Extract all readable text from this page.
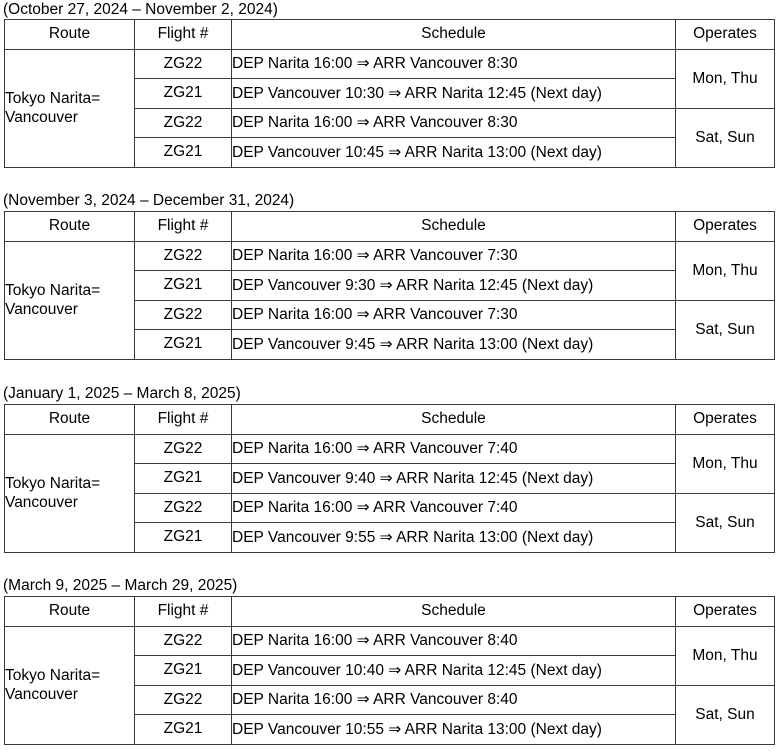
(October 27, 2024 – November 2, 2024)
Route	Flight #	Schedule	Operates
Tokyo Narita=
Vancouver	ZG22	DEP Narita 16:00 ⇒ ARR Vancouver 8:30	Mon, Thu
	ZG21	DEP Vancouver 10:30 ⇒ ARR Narita 12:45 (Next day)	
	ZG22	DEP Narita 16:00 ⇒ ARR Vancouver 8:30	Sat, Sun
	ZG21	DEP Vancouver 10:45 ⇒ ARR Narita 13:00 (Next day)	
(November 3, 2024 – December 31, 2024)
Route	Flight #	Schedule	Operates
Tokyo Narita=
Vancouver	ZG22	DEP Narita 16:00 ⇒ ARR Vancouver 7:30	Mon, Thu
	ZG21	DEP Vancouver 9:30 ⇒ ARR Narita 12:45 (Next day)	
	ZG22	DEP Narita 16:00 ⇒ ARR Vancouver 7:30	Sat, Sun
	ZG21	DEP Vancouver 9:45 ⇒ ARR Narita 13:00 (Next day)	
(January 1, 2025 – March 8, 2025)
Route	Flight #	Schedule	Operates
Tokyo Narita=
Vancouver	ZG22	DEP Narita 16:00 ⇒ ARR Vancouver 7:40	Mon, Thu
	ZG21	DEP Vancouver 9:40 ⇒ ARR Narita 12:45 (Next day)	
	ZG22	DEP Narita 16:00 ⇒ ARR Vancouver 7:40	Sat, Sun
	ZG21	DEP Vancouver 9:55 ⇒ ARR Narita 13:00 (Next day)	
(March 9, 2025 – March 29, 2025)
Route	Flight #	Schedule	Operates
Tokyo Narita=
Vancouver	ZG22	DEP Narita 16:00 ⇒ ARR Vancouver 8:40	Mon, Thu
	ZG21	DEP Vancouver 10:40 ⇒ ARR Narita 12:45 (Next day)	
	ZG22	DEP Narita 16:00 ⇒ ARR Vancouver 8:40	Sat, Sun
	ZG21	DEP Vancouver 10:55 ⇒ ARR Narita 13:00 (Next day)	
